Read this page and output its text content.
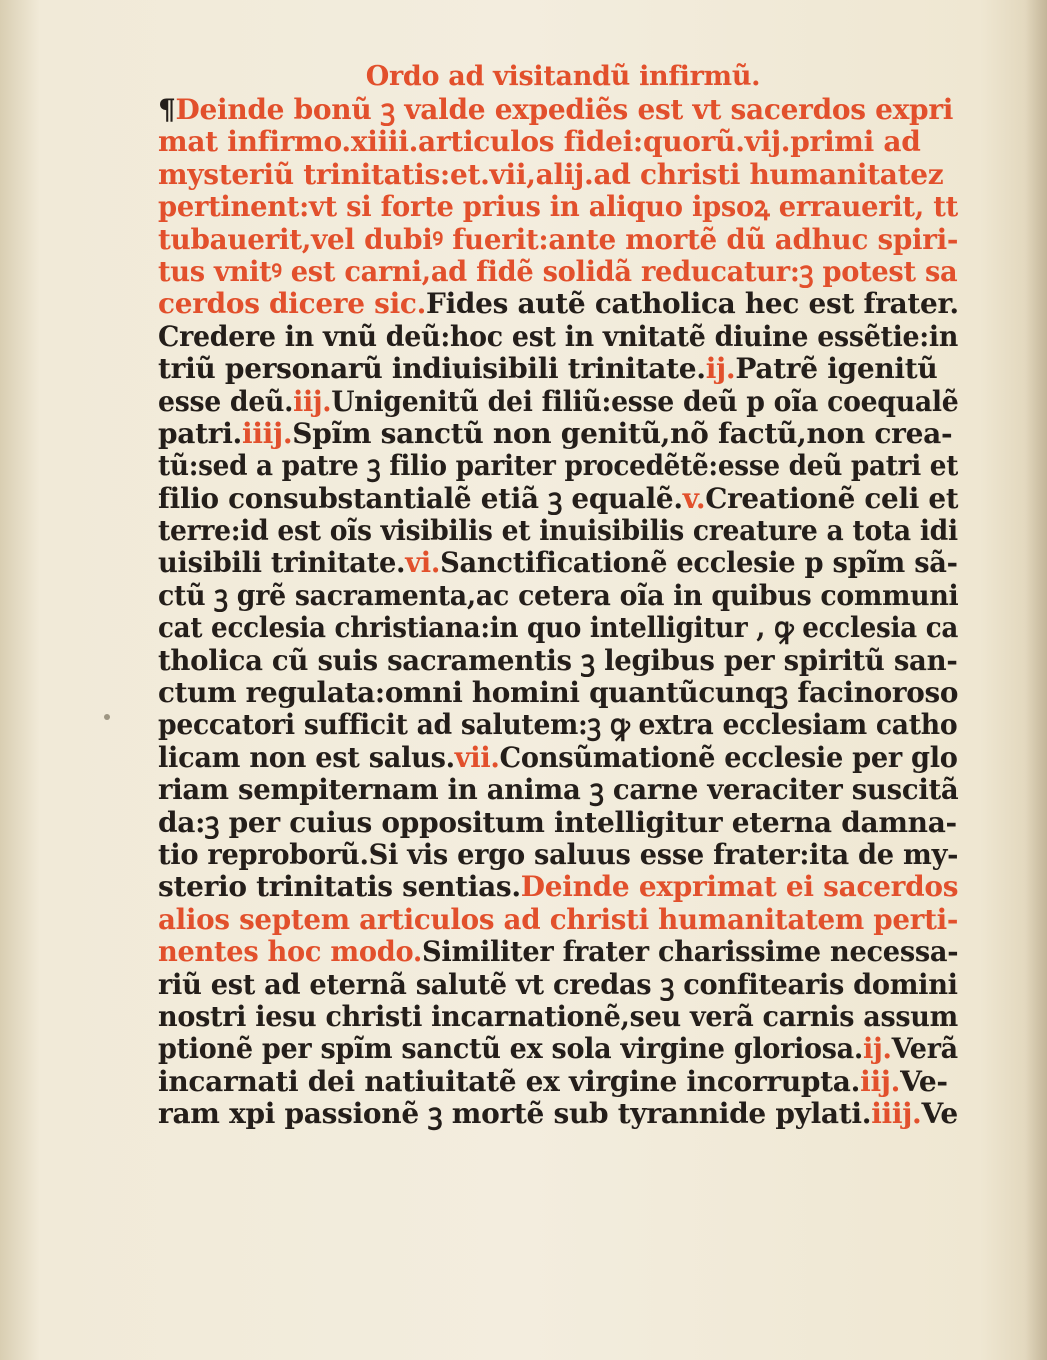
Ordo ad visitandũ infirmũ.
¶Deinde bonũ ꝫ valde expediẽs est vt sacerdos expri
mat infirmo.xiiii.articulos fidei:quorũ.vij.primi ad
mysteriũ trinitatis:et.vii,alij.ad christi humanitatez
pertinent:vt si forte prius in aliquo ipsoꝝ errauerit, tt
tubauerit,vel dubiꝰ fuerit:ante mortẽ dũ adhuc spiri-
tus vnitꝰ est carni,ad fidẽ solidã reducatur:ꝫ potest sa
cerdos dicere sic.Fides autẽ catholica hec est frater.
Credere in vnũ deũ:hoc est in vnitatẽ diuine essẽtie:in
triũ personarũ indiuisibili trinitate.ij.Patrẽ igenitũ
esse deũ.iij.Unigenitũ dei filiũ:esse deũ p oĩa coequalẽ
patri.iiij.Spĩm sanctũ non genitũ,nõ factũ,non crea-
tũ:sed a patre ꝫ filio pariter procedẽtẽ:esse deũ patri et
filio consubstantialẽ etiã ꝫ equalẽ.v.Creationẽ celi et
terre:id est oĩs visibilis et inuisibilis creature a tota idi
uisibili trinitate.vi.Sanctificationẽ ecclesie p spĩm sã-
ctũ ꝫ grẽ sacramenta,ac cetera oĩa in quibus communi
cat ecclesia christiana:in quo intelligitur , ꝙ ecclesia ca
tholica cũ suis sacramentis ꝫ legibus per spiritũ san-
ctum regulata:omni homini quantũcunqꝫ facinoroso
peccatori sufficit ad salutem:ꝫ ꝙ extra ecclesiam catho
licam non est salus.vii.Consũmationẽ ecclesie per glo
riam sempiternam in anima ꝫ carne veraciter suscitã
da:ꝫ per cuius oppositum intelligitur eterna damna-
tio reproborũ.Si vis ergo saluus esse frater:ita de my-
sterio trinitatis sentias.Deinde exprimat ei sacerdos
alios septem articulos ad christi humanitatem perti-
nentes hoc modo.Similiter frater charissime necessa-
riũ est ad eternã salutẽ vt credas ꝫ confitearis domini
nostri iesu christi incarnationẽ,seu verã carnis assum
ptionẽ per spĩm sanctũ ex sola virgine gloriosa.ij.Verã
incarnati dei natiuitatẽ ex virgine incorrupta.iij.Ve-
ram xpi passionẽ ꝫ mortẽ sub tyrannide pylati.iiij.Ve
